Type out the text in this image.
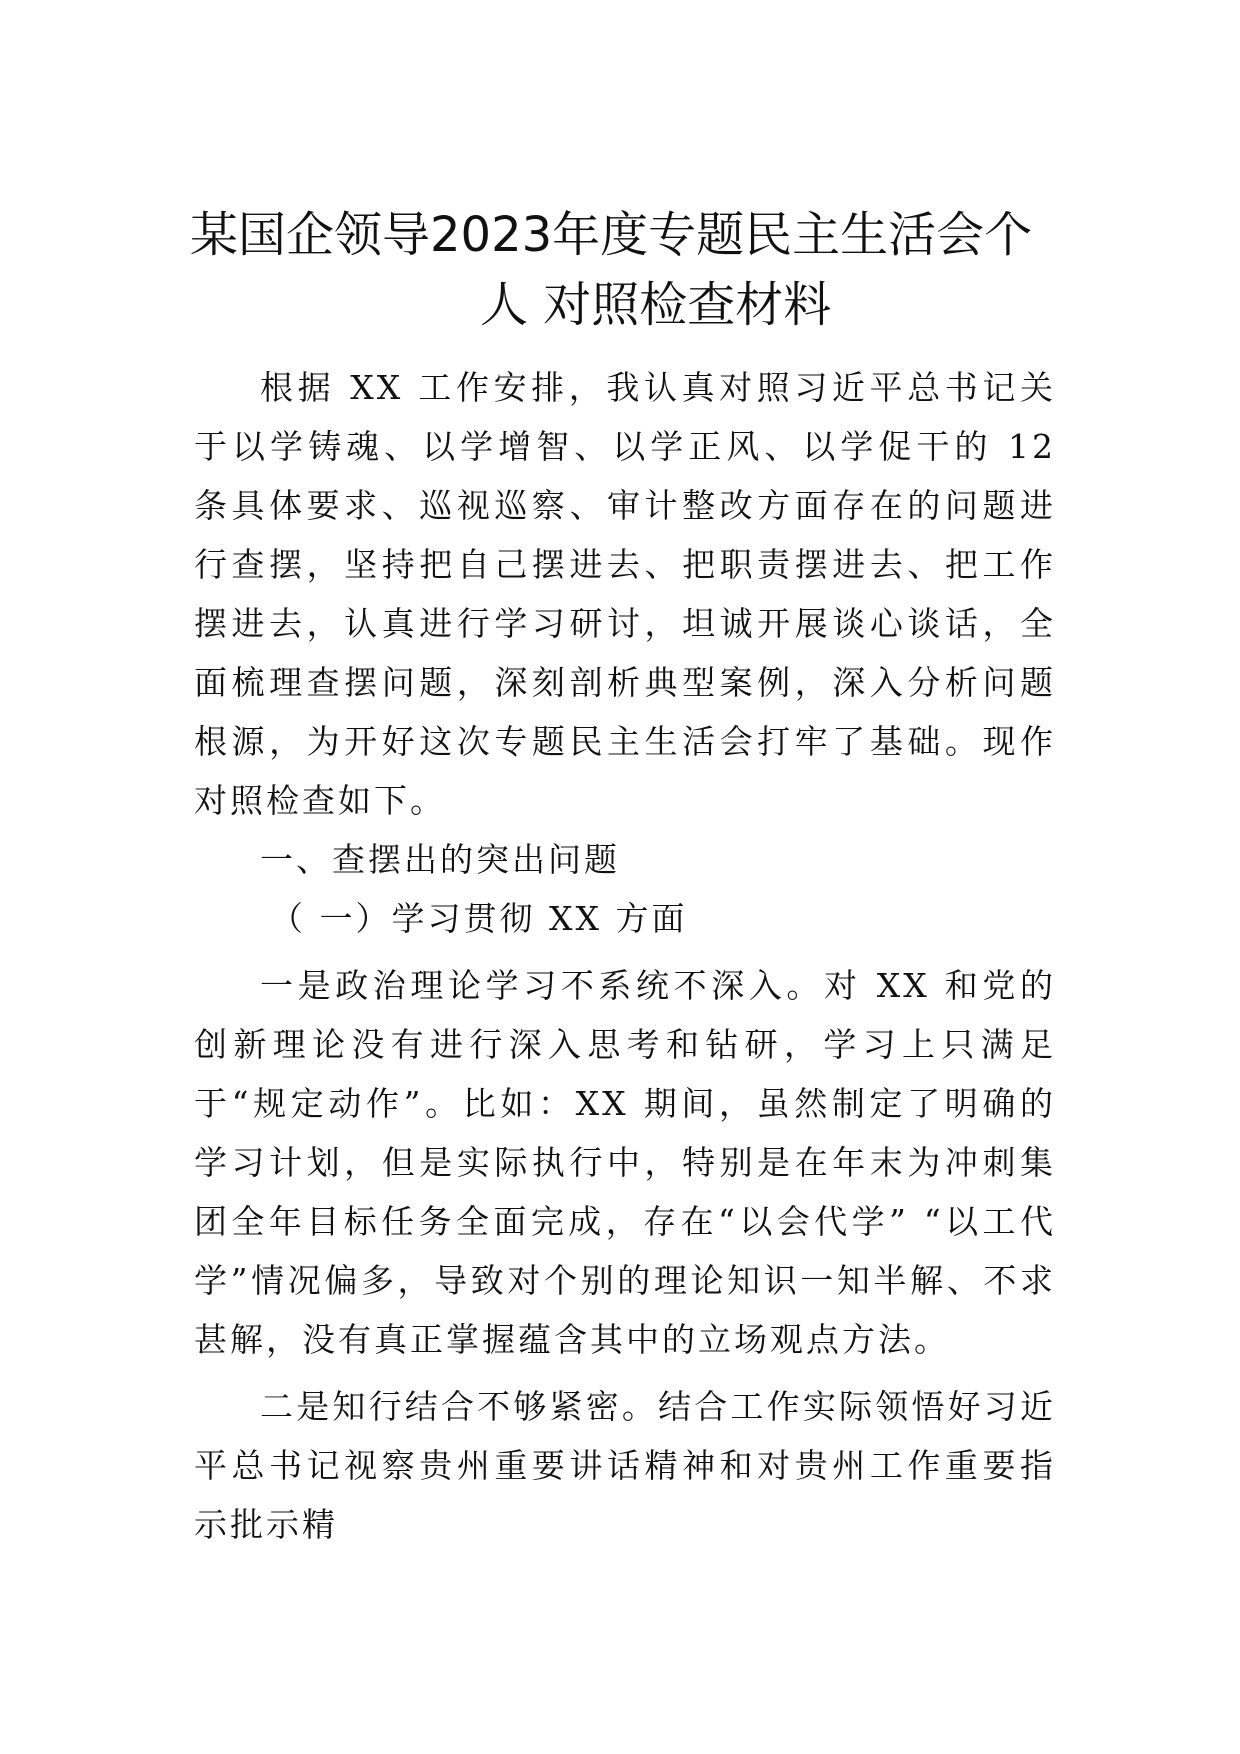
某国企领导2023年度专题民主生活会个
人 对照检查材料

根据 XX 工作安排，我认真对照习近平总书记关于以学铸魂、以学增智、以学正风、以学促干的 12 条具体要求、巡视巡察、审计整改方面存在的问题进行查摆，坚持把自己摆进去、把职责摆进去、把工作摆进去，认真进行学习研讨，坦诚开展谈心谈话，全面梳理查摆问题，深刻剖析典型案例，深入分析问题根源，为开好这次专题民主生活会打牢了基础。现作对照检查如下。

一、查摆出的突出问题

（ 一）学习贯彻 XX 方面

一是政治理论学习不系统不深入。对 XX 和党的创新理论没有进行深入思考和钻研，学习上只满足于“规定动作”。比如：XX 期间，虽然制定了明确的学习计划，但是实际执行中，特别是在年末为冲刺集团全年目标任务全面完成，存在“以会代学” “以工代学”情况偏多，导致对个别的理论知识一知半解、不求甚解，没有真正掌握蕴含其中的立场观点方法。

二是知行结合不够紧密。结合工作实际领悟好习近平总书记视察贵州重要讲话精神和对贵州工作重要指示批示精
